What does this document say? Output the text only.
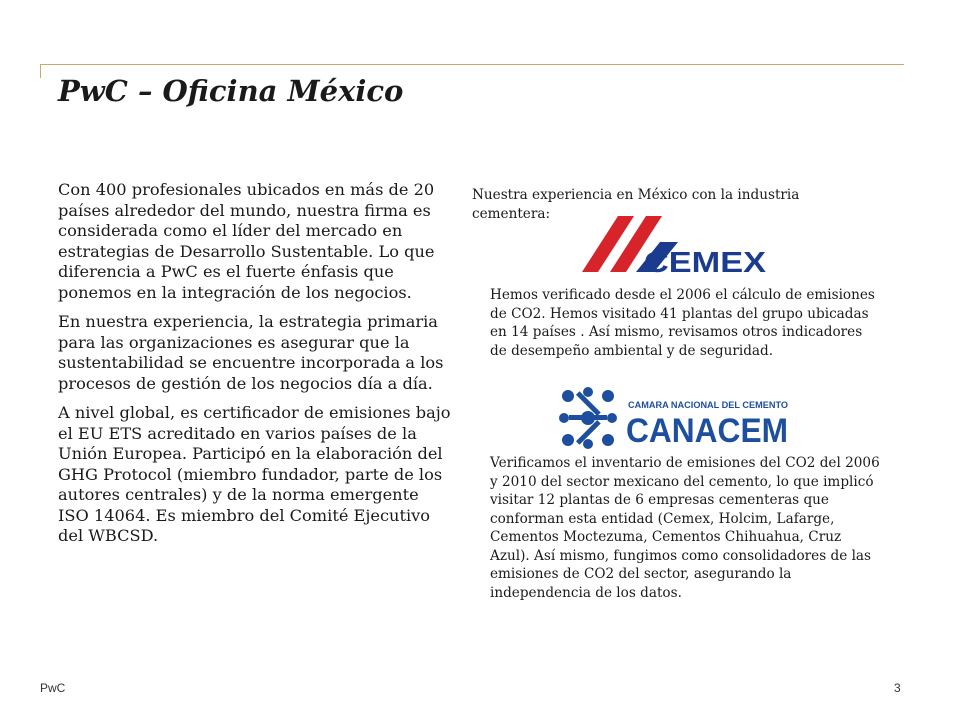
PwC – Oficina México

Con 400 profesionales ubicados en más de 20 países alrededor del mundo, nuestra firma es considerada como el líder del mercado en estrategias de Desarrollo Sustentable. Lo que diferencia a PwC es el fuerte énfasis que ponemos en la integración de los negocios.

En nuestra experiencia, la estrategia primaria para las organizaciones es asegurar que la sustentabilidad se encuentre incorporada a los procesos de gestión de los negocios día a día.

A nivel global, es certificador de emisiones bajo el EU ETS acreditado en varios países de la Unión Europea. Participó en la elaboración del GHG Protocol (miembro fundador, parte de los autores centrales) y de la norma emergente ISO 14064. Es miembro del Comité Ejecutivo del WBCSD.

Nuestra experiencia en México con la industria cementera:
CEMEX
Hemos verificado desde el 2006 el cálculo de emisiones de CO2. Hemos visitado 41 plantas del grupo ubicadas en 14 países . Así mismo, revisamos otros indicadores de desempeño ambiental y de seguridad.
CAMARA NACIONAL DEL CEMENTO
CANACEM
Verificamos el inventario de emisiones del CO2 del 2006 y 2010 del sector mexicano del cemento, lo que implicó visitar 12 plantas de 6 empresas cementeras que conforman esta entidad (Cemex, Holcim, Lafarge, Cementos Moctezuma, Cementos Chihuahua, Cruz Azul). Así mismo, fungimos como consolidadores de las emisiones de CO2 del sector, asegurando la independencia de los datos.
PwC	3
